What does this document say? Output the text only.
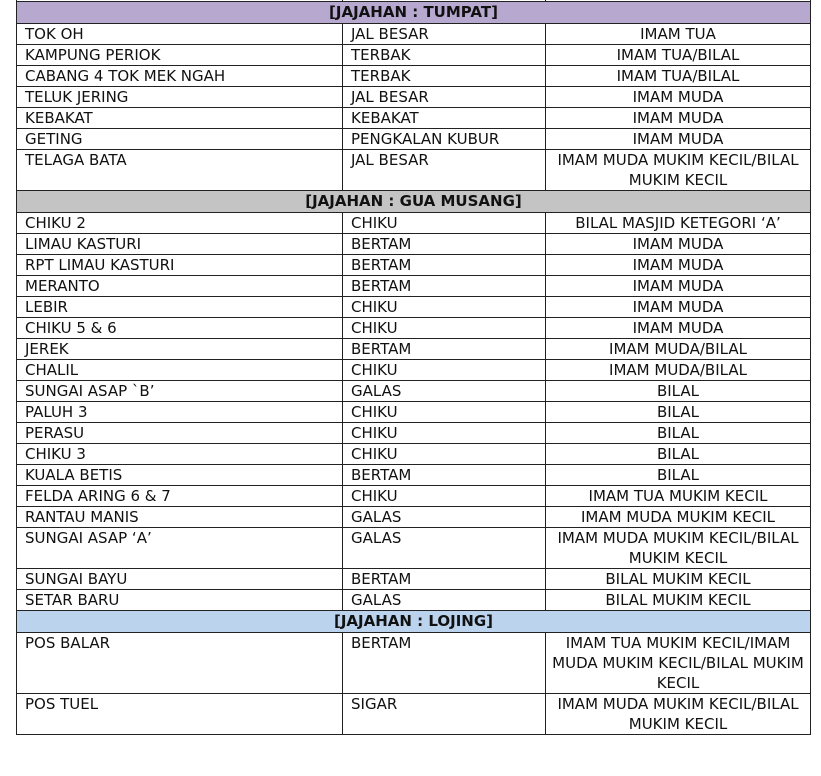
[JAJAHAN : TUMPAT]		
TOK OH	JAL BESAR	IMAM TUA
KAMPUNG PERIOK	TERBAK	IMAM TUA/BILAL
CABANG 4 TOK MEK NGAH	TERBAK	IMAM TUA/BILAL
TELUK JERING	JAL BESAR	IMAM MUDA
KEBAKAT	KEBAKAT	IMAM MUDA
GETING	PENGKALAN KUBUR	IMAM MUDA
TELAGA BATA	JAL BESAR	IMAM MUDA MUKIM KECIL/BILAL MUKIM KECIL
[JAJAHAN : GUA MUSANG]		
CHIKU 2	CHIKU	BILAL MASJID KETEGORI ‘A’
LIMAU KASTURI	BERTAM	IMAM MUDA
RPT LIMAU KASTURI	BERTAM	IMAM MUDA
MERANTO	BERTAM	IMAM MUDA
LEBIR	CHIKU	IMAM MUDA
CHIKU 5 & 6	CHIKU	IMAM MUDA
JEREK	BERTAM	IMAM MUDA/BILAL
CHALIL	CHIKU	IMAM MUDA/BILAL
SUNGAI ASAP `B’	GALAS	BILAL
PALUH 3	CHIKU	BILAL
PERASU	CHIKU	BILAL
CHIKU 3	CHIKU	BILAL
KUALA BETIS	BERTAM	BILAL
FELDA ARING 6 & 7	CHIKU	IMAM TUA MUKIM KECIL
RANTAU MANIS	GALAS	IMAM MUDA MUKIM KECIL
SUNGAI ASAP ‘A’	GALAS	IMAM MUDA MUKIM KECIL/BILAL MUKIM KECIL
SUNGAI BAYU	BERTAM	BILAL MUKIM KECIL
SETAR BARU	GALAS	BILAL MUKIM KECIL
[JAJAHAN : LOJING]		
POS BALAR	BERTAM	IMAM TUA MUKIM KECIL/IMAM MUDA MUKIM KECIL/BILAL MUKIM KECIL
POS TUEL	SIGAR	IMAM MUDA MUKIM KECIL/BILAL MUKIM KECIL
